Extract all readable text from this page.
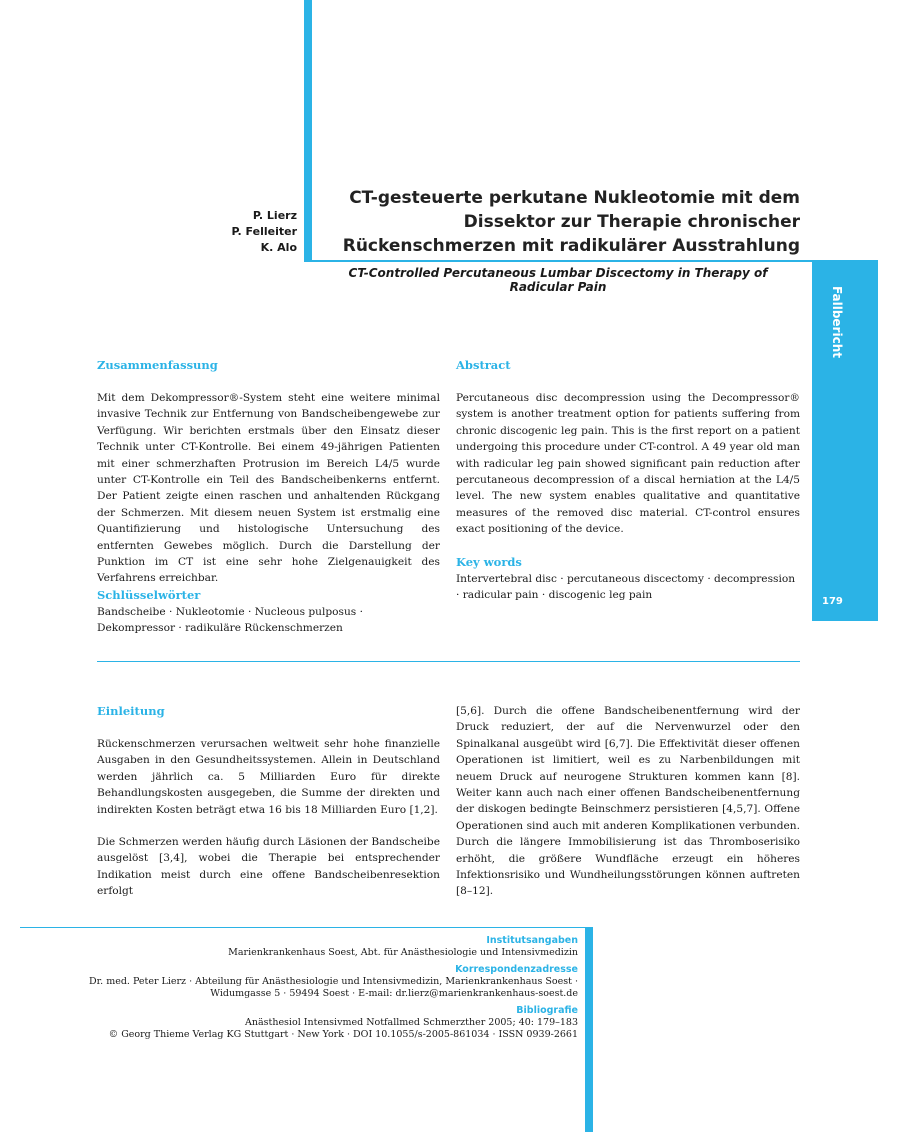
Fallbericht
179
P. Lierz
P. Felleiter
K. Alo
CT-gesteuerte perkutane Nukleotomie mit dem Dissektor zur Therapie chronischer Rückenschmerzen mit radikulärer Ausstrahlung
CT-Controlled Percutaneous Lumbar Discectomy in Therapy of Radicular Pain
Zusammenfassung
Mit dem Dekompressor®-System steht eine weitere minimal invasive Technik zur Entfernung von Bandscheibengewebe zur Verfügung. Wir berichten erstmals über den Einsatz dieser Technik unter CT-Kontrolle. Bei einem 49-jährigen Patienten mit einer schmerzhaften Protrusion im Bereich L4/5 wurde unter CT-Kontrolle ein Teil des Bandscheibenkerns entfernt. Der Patient zeigte einen raschen und anhaltenden Rückgang der Schmerzen. Mit diesem neuen System ist erstmalig eine Quantifizierung und histologische Untersuchung des entfernten Gewebes möglich. Durch die Darstellung der Punktion im CT ist eine sehr hohe Zielgenauigkeit des Verfahrens erreichbar.
Schlüsselwörter
Bandscheibe · Nukleotomie · Nucleous pulposus · Dekompressor · radikuläre Rückenschmerzen
Abstract
Percutaneous disc decompression using the Decompressor® system is another treatment option for patients suffering from chronic discogenic leg pain. This is the first report on a patient undergoing this procedure under CT-control. A 49 year old man with radicular leg pain showed significant pain reduction after percutaneous decompression of a discal herniation at the L4/5 level. The new system enables qualitative and quantitative measures of the removed disc material. CT-control ensures exact positioning of the device.
Key words
Intervertebral disc · percutaneous discectomy · decompression · radicular pain · discogenic leg pain
Einleitung
Rückenschmerzen verursachen weltweit sehr hohe finanzielle Ausgaben in den Gesundheitssystemen. Allein in Deutschland werden jährlich ca. 5 Milliarden Euro für direkte Behandlungskosten ausgegeben, die Summe der direkten und indirekten Kosten beträgt etwa 16 bis 18 Milliarden Euro [1,2].
Die Schmerzen werden häufig durch Läsionen der Bandscheibe ausgelöst [3,4], wobei die Therapie bei entsprechender Indikation meist durch eine offene Bandscheibenresektion erfolgt
[5,6]. Durch die offene Bandscheibenentfernung wird der Druck reduziert, der auf die Nervenwurzel oder den Spinalkanal ausgeübt wird [6,7]. Die Effektivität dieser offenen Operationen ist limitiert, weil es zu Narbenbildungen mit neuem Druck auf neurogene Strukturen kommen kann [8]. Weiter kann auch nach einer offenen Bandscheibenentfernung der diskogen bedingte Beinschmerz persistieren [4,5,7]. Offene Operationen sind auch mit anderen Komplikationen verbunden. Durch die längere Immobilisierung ist das Thromboserisiko erhöht, die größere Wundfläche erzeugt ein höheres Infektionsrisiko und Wundheilungsstörungen können auftreten [8–12].
Institutsangaben
Marienkrankenhaus Soest, Abt. für Anästhesiologie und Intensivmedizin
Korrespondenzadresse
Dr. med. Peter Lierz · Abteilung für Anästhesiologie und Intensivmedizin, Marienkrankenhaus Soest ·
Widumgasse 5 · 59494 Soest · E-mail: dr.lierz@marienkrankenhaus-soest.de
Bibliografie
Anästhesiol Intensivmed Notfallmed Schmerzther 2005; 40: 179–183
© Georg Thieme Verlag KG Stuttgart · New York · DOI 10.1055/s-2005-861034 · ISSN 0939-2661
